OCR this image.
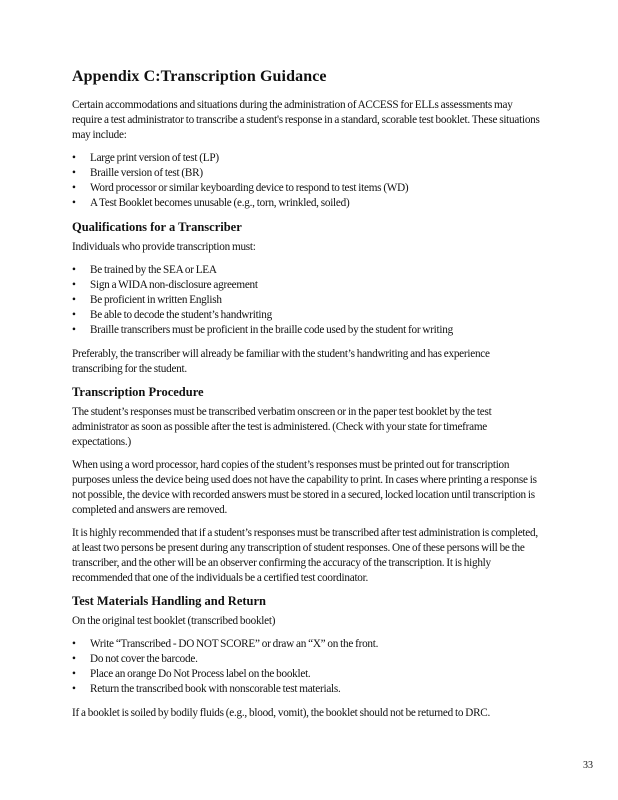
Appendix C:Transcription Guidance

Certain accommodations and situations during the administration of ACCESS for ELLs assessments may require a test administrator to transcribe a student's response in a standard, scorable test booklet. These situations may include:

• Large print version of test (LP)
• Braille version of test (BR)
• Word processor or similar keyboarding device to respond to test items (WD)
• A Test Booklet becomes unusable (e.g., torn, wrinkled, soiled)
Qualifications for a Transcriber

Individuals who provide transcription must:

• Be trained by the SEA or LEA
• Sign a WIDA non-disclosure agreement
• Be proficient in written English
• Be able to decode the student’s handwriting
• Braille transcribers must be proficient in the braille code used by the student for writing

Preferably, the transcriber will already be familiar with the student’s handwriting and has experience transcribing for the student.

Transcription Procedure

The student’s responses must be transcribed verbatim onscreen or in the paper test booklet by the test administrator as soon as possible after the test is administered. (Check with your state for timeframe expectations.)

When using a word processor, hard copies of the student’s responses must be printed out for transcription purposes unless the device being used does not have the capability to print. In cases where printing a response is not possible, the device with recorded answers must be stored in a secured, locked location until transcription is completed and answers are removed.

It is highly recommended that if a student’s responses must be transcribed after test administration is completed, at least two persons be present during any transcription of student responses. One of these persons will be the transcriber, and the other will be an observer confirming the accuracy of the transcription. It is highly recommended that one of the individuals be a certified test coordinator.

Test Materials Handling and Return

On the original test booklet (transcribed booklet)

• Write “Transcribed - DO NOT SCORE” or draw an “X” on the front.
• Do not cover the barcode.
• Place an orange Do Not Process label on the booklet.
• Return the transcribed book with nonscorable test materials.

If a booklet is soiled by bodily fluids (e.g., blood, vomit), the booklet should not be returned to DRC.

33
